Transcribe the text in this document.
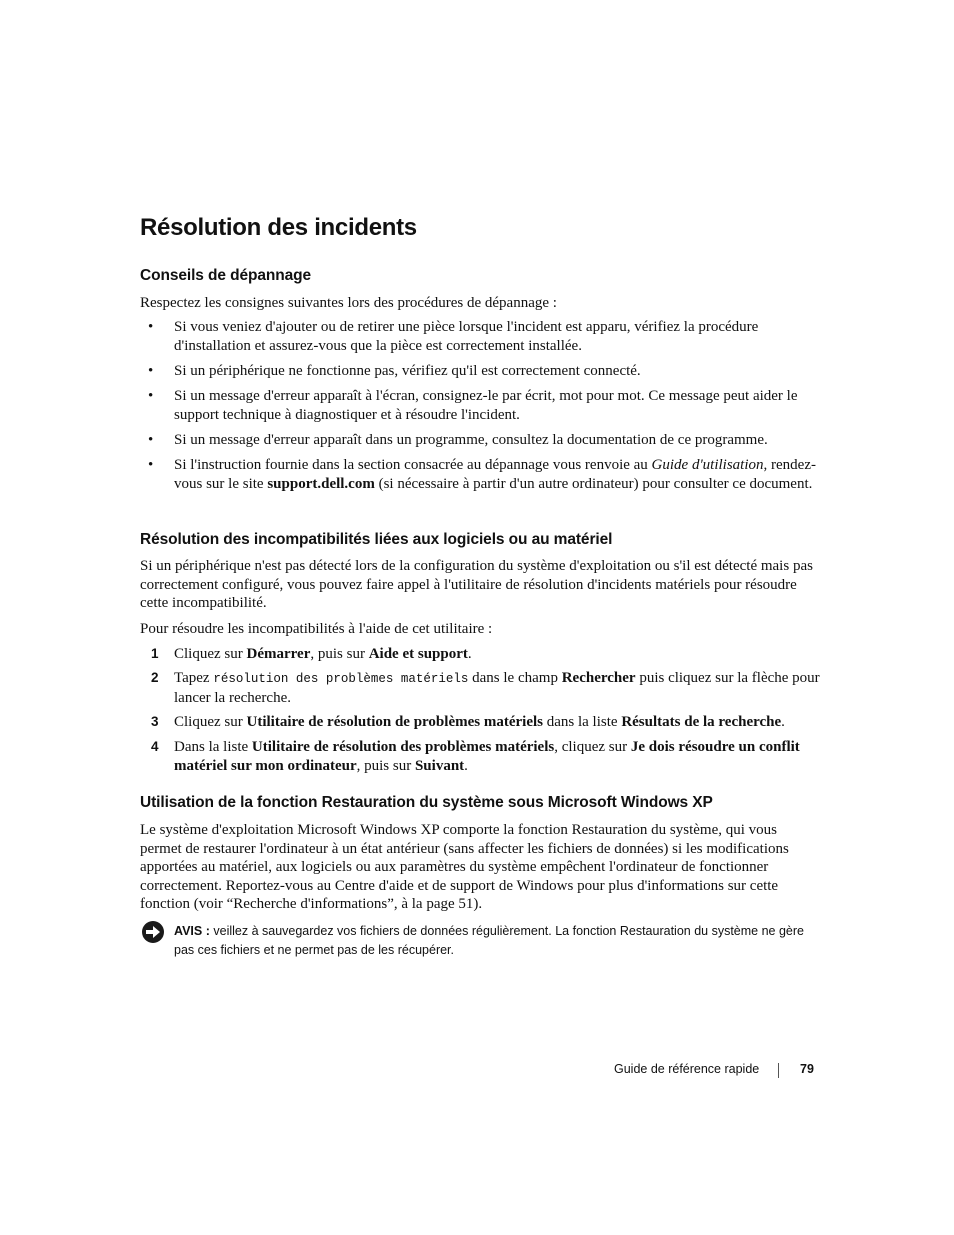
Résolution des incidents
Conseils de dépannage

Respectez les consignes suivantes lors des procédures de dépannage :

• Si vous veniez d'ajouter ou de retirer une pièce lorsque l'incident est apparu, vérifiez la procédure d'installation et assurez-vous que la pièce est correctement installée.
• Si un périphérique ne fonctionne pas, vérifiez qu'il est correctement connecté.
• Si un message d'erreur apparaît à l'écran, consignez-le par écrit, mot pour mot. Ce message peut aider le support technique à diagnostiquer et à résoudre l'incident.
• Si un message d'erreur apparaît dans un programme, consultez la documentation de ce programme.
• Si l'instruction fournie dans la section consacrée au dépannage vous renvoie au Guide d'utilisation, rendez-vous sur le site support.dell.com (si nécessaire à partir d'un autre ordinateur) pour consulter ce document.
Résolution des incompatibilités liées aux logiciels ou au matériel

Si un périphérique n'est pas détecté lors de la configuration du système d'exploitation ou s'il est détecté mais pas correctement configuré, vous pouvez faire appel à l'utilitaire de résolution d'incidents matériels pour résoudre cette incompatibilité.

Pour résoudre les incompatibilités à l'aide de cet utilitaire :

1 Cliquez sur Démarrer, puis sur Aide et support.
2 Tapez résolution des problèmes matériels dans le champ Rechercher puis cliquez sur la flèche pour lancer la recherche.
3 Cliquez sur Utilitaire de résolution de problèmes matériels dans la liste Résultats de la recherche.
4 Dans la liste Utilitaire de résolution des problèmes matériels, cliquez sur Je dois résoudre un conflit matériel sur mon ordinateur, puis sur Suivant.
Utilisation de la fonction Restauration du système sous Microsoft Windows XP

Le système d'exploitation Microsoft Windows XP comporte la fonction Restauration du système, qui vous permet de restaurer l'ordinateur à un état antérieur (sans affecter les fichiers de données) si les modifications apportées au matériel, aux logiciels ou aux paramètres du système empêchent l'ordinateur de fonctionner correctement. Reportez-vous au Centre d'aide et de support de Windows pour plus d'informations sur cette fonction (voir “Recherche d'informations”, à la page 51).

AVIS : veillez à sauvegardez vos fichiers de données régulièrement. La fonction Restauration du système ne gère pas ces fichiers et ne permet pas de les récupérer.
Guide de référence rapide	79
